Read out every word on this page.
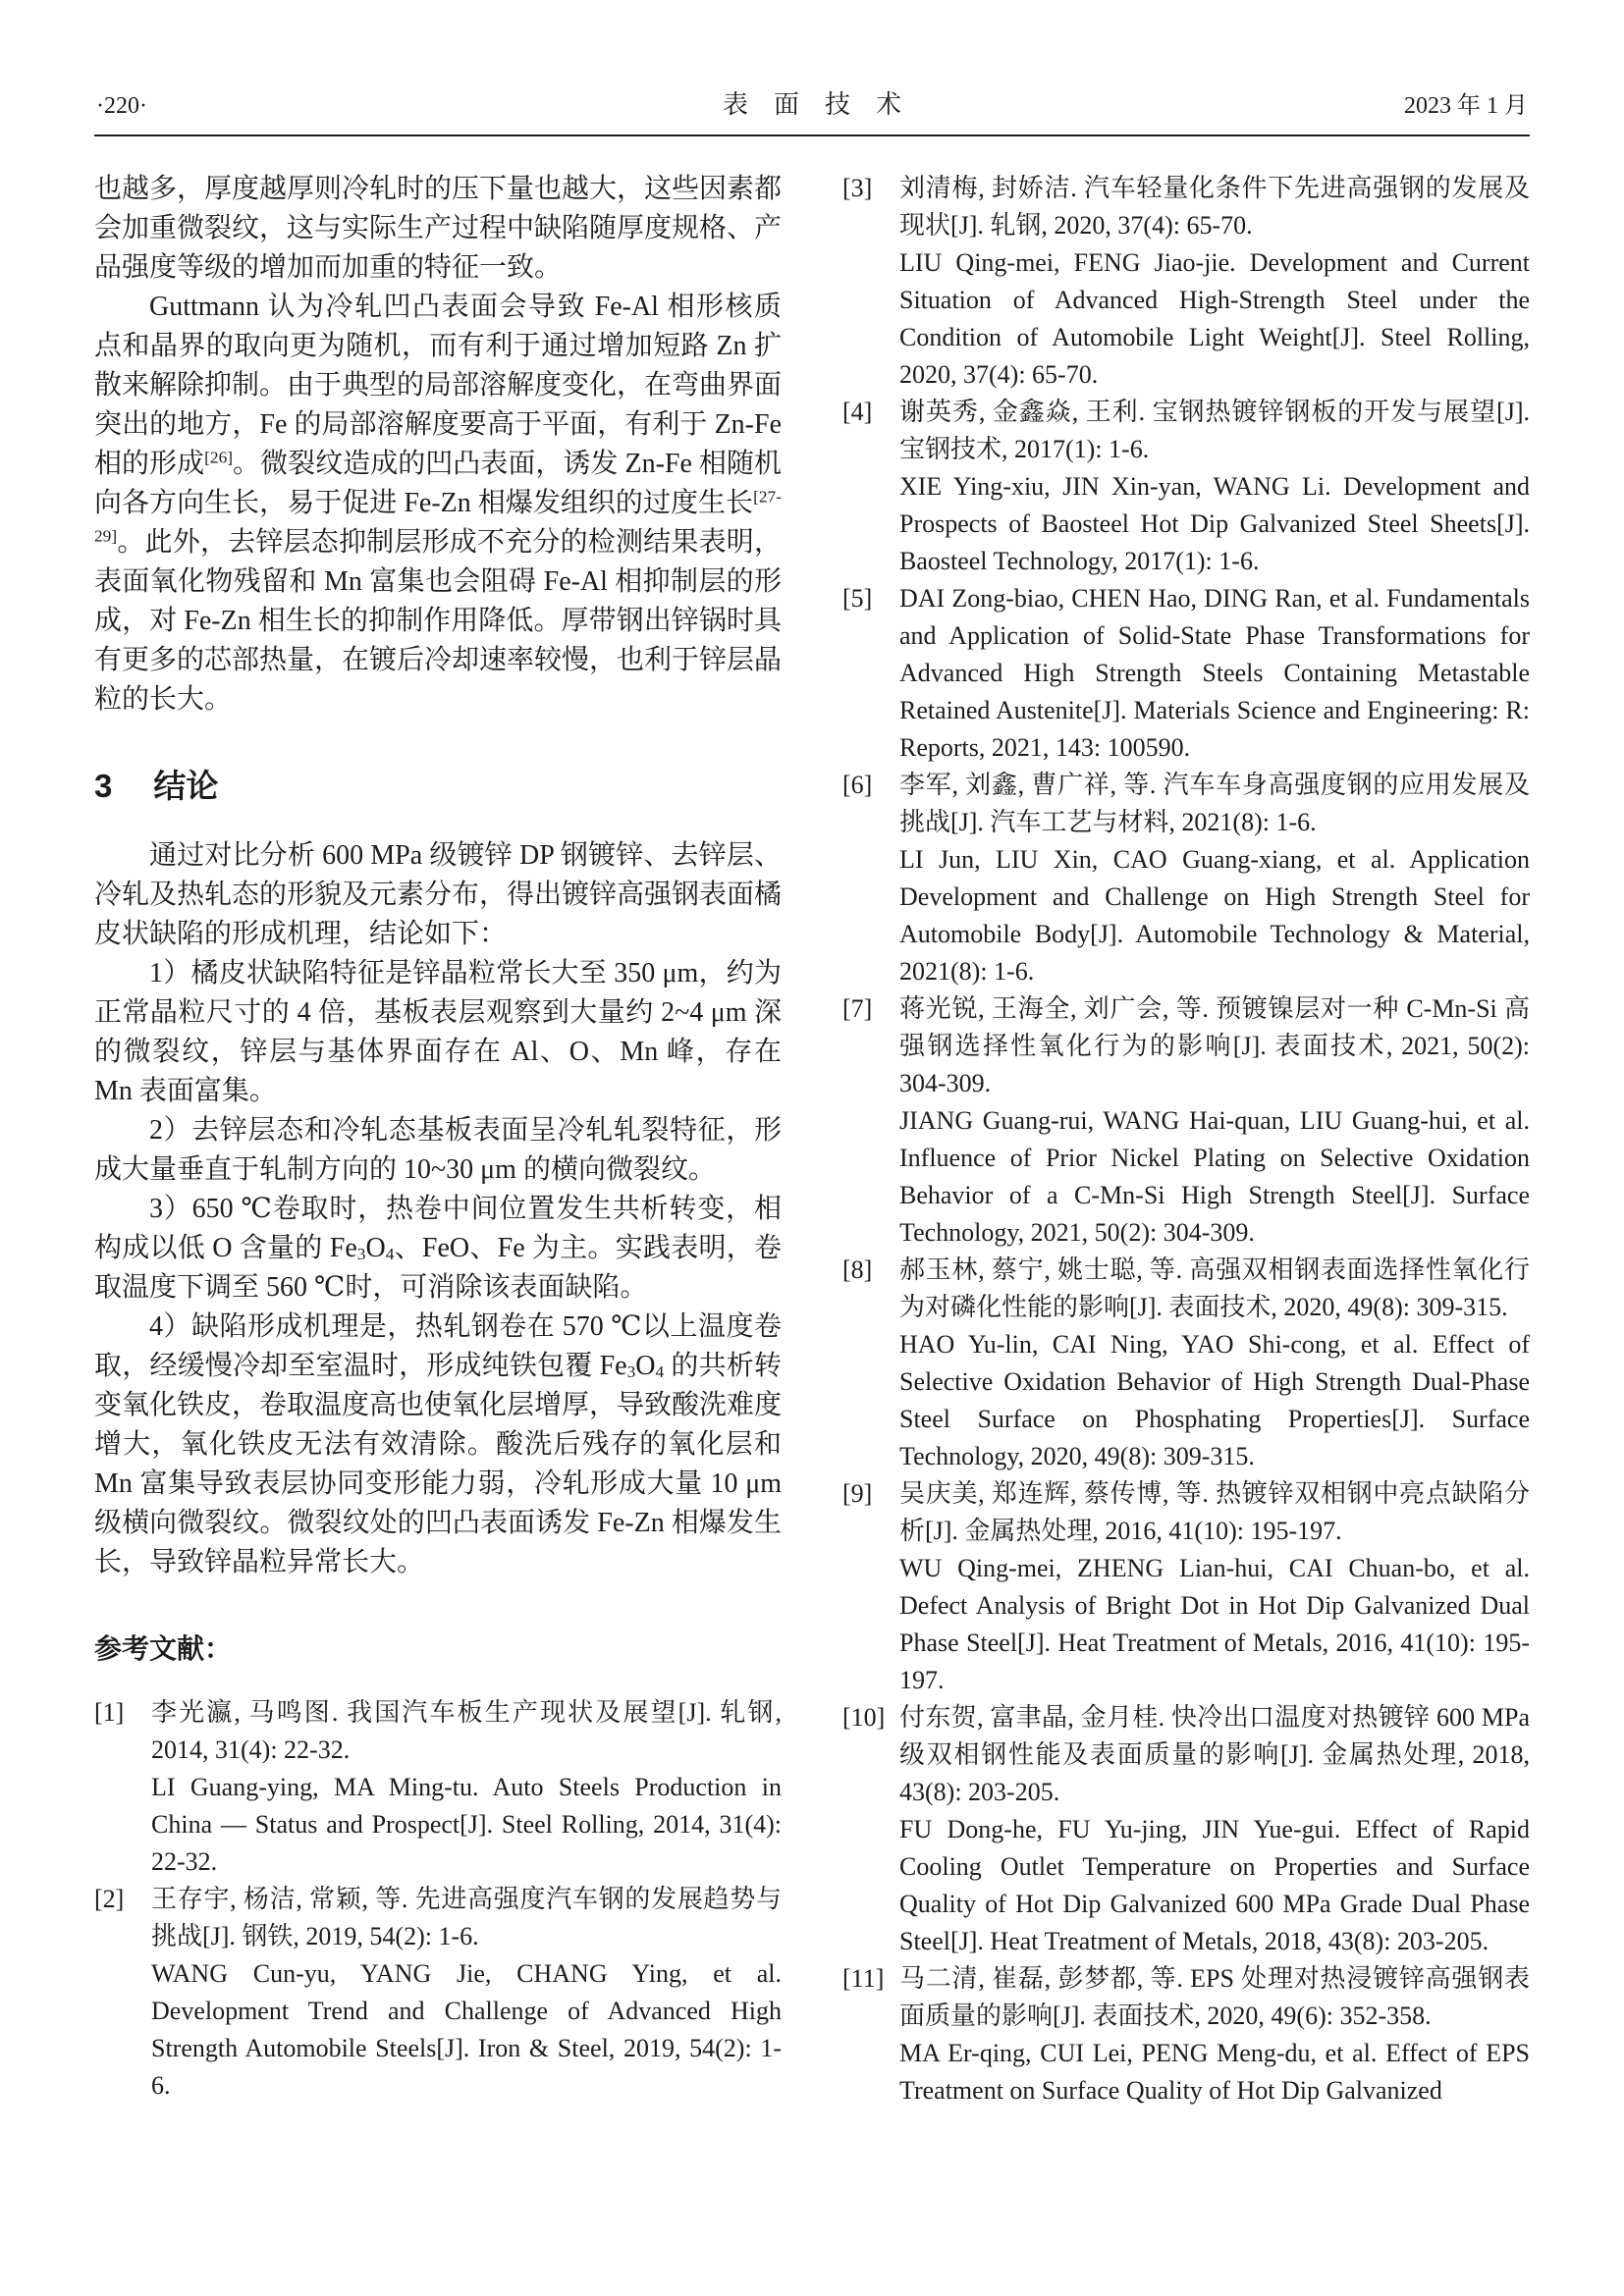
·220·	表　面　技　术	2023 年 1 月

也越多，厚度越厚则冷轧时的压下量也越大，这些因素都会加重微裂纹，这与实际生产过程中缺陷随厚度规格、产品强度等级的增加而加重的特征一致。

Guttmann 认为冷轧凹凸表面会导致 Fe-Al 相形核质点和晶界的取向更为随机，而有利于通过增加短路 Zn 扩散来解除抑制。由于典型的局部溶解度变化，在弯曲界面突出的地方，Fe 的局部溶解度要高于平面，有利于 Zn-Fe 相的形成[26]。微裂纹造成的凹凸表面，诱发 Zn-Fe 相随机向各方向生长，易于促进 Fe-Zn 相爆发组织的过度生长[27-29]。此外，去锌层态抑制层形成不充分的检测结果表明，表面氧化物残留和 Mn 富集也会阻碍 Fe-Al 相抑制层的形成，对 Fe-Zn 相生长的抑制作用降低。厚带钢出锌锅时具有更多的芯部热量，在镀后冷却速率较慢，也利于锌层晶粒的长大。

3 结论

通过对比分析 600 MPa 级镀锌 DP 钢镀锌、去锌层、冷轧及热轧态的形貌及元素分布，得出镀锌高强钢表面橘皮状缺陷的形成机理，结论如下：

1）橘皮状缺陷特征是锌晶粒常长大至 350 μm，约为正常晶粒尺寸的 4 倍，基板表层观察到大量约 2~4 μm 深的微裂纹，锌层与基体界面存在 Al、O、Mn 峰，存在 Mn 表面富集。

2）去锌层态和冷轧态基板表面呈冷轧轧裂特征，形成大量垂直于轧制方向的 10~30 μm 的横向微裂纹。

3）650 ℃卷取时，热卷中间位置发生共析转变，相构成以低 O 含量的 $Fe_3O_4$、FeO、Fe 为主。实践表明，卷取温度下调至 560 ℃时，可消除该表面缺陷。

4）缺陷形成机理是，热轧钢卷在 570 ℃以上温度卷取，经缓慢冷却至室温时，形成纯铁包覆 $Fe_3O_4$ 的共析转变氧化铁皮，卷取温度高也使氧化层增厚，导致酸洗难度增大，氧化铁皮无法有效清除。酸洗后残存的氧化层和 Mn 富集导致表层协同变形能力弱，冷轧形成大量 10 μm 级横向微裂纹。微裂纹处的凹凸表面诱发 Fe-Zn 相爆发生长，导致锌晶粒异常长大。

参考文献：
[1]	李光瀛, 马鸣图. 我国汽车板生产现状及展望[J]. 轧钢, 2014, 31(4): 22-32.
LI Guang-ying, MA Ming-tu. Auto Steels Production in China — Status and Prospect[J]. Steel Rolling, 2014, 31(4): 22-32.
[2]	王存宇, 杨洁, 常颖, 等. 先进高强度汽车钢的发展趋势与挑战[J]. 钢铁, 2019, 54(2): 1-6.
WANG Cun-yu, YANG Jie, CHANG Ying, et al. Development Trend and Challenge of Advanced High Strength Automobile Steels[J]. Iron & Steel, 2019, 54(2): 1-6.
[3]	刘清梅, 封娇洁. 汽车轻量化条件下先进高强钢的发展及现状[J]. 轧钢, 2020, 37(4): 65-70.
LIU Qing-mei, FENG Jiao-jie. Development and Current Situation of Advanced High-Strength Steel under the Condition of Automobile Light Weight[J]. Steel Rolling, 2020, 37(4): 65-70.
[4]	谢英秀, 金鑫焱, 王利. 宝钢热镀锌钢板的开发与展望[J]. 宝钢技术, 2017(1): 1-6.
XIE Ying-xiu, JIN Xin-yan, WANG Li. Development and Prospects of Baosteel Hot Dip Galvanized Steel Sheets[J]. Baosteel Technology, 2017(1): 1-6.
[5]	DAI Zong-biao, CHEN Hao, DING Ran, et al. Fundamentals and Application of Solid-State Phase Transformations for Advanced High Strength Steels Containing Metastable Retained Austenite[J]. Materials Science and Engineering: R: Reports, 2021, 143: 100590.
[6]	李军, 刘鑫, 曹广祥, 等. 汽车车身高强度钢的应用发展及挑战[J]. 汽车工艺与材料, 2021(8): 1-6.
LI Jun, LIU Xin, CAO Guang-xiang, et al. Application Development and Challenge on High Strength Steel for Automobile Body[J]. Automobile Technology & Material, 2021(8): 1-6.
[7]	蒋光锐, 王海全, 刘广会, 等. 预镀镍层对一种 C-Mn-Si 高强钢选择性氧化行为的影响[J]. 表面技术, 2021, 50(2): 304-309.
JIANG Guang-rui, WANG Hai-quan, LIU Guang-hui, et al. Influence of Prior Nickel Plating on Selective Oxidation Behavior of a C-Mn-Si High Strength Steel[J]. Surface Technology, 2021, 50(2): 304-309.
[8]	郝玉林, 蔡宁, 姚士聪, 等. 高强双相钢表面选择性氧化行为对磷化性能的影响[J]. 表面技术, 2020, 49(8): 309-315.
HAO Yu-lin, CAI Ning, YAO Shi-cong, et al. Effect of Selective Oxidation Behavior of High Strength Dual-Phase Steel Surface on Phosphating Properties[J]. Surface Technology, 2020, 49(8): 309-315.
[9]	吴庆美, 郑连辉, 蔡传博, 等. 热镀锌双相钢中亮点缺陷分析[J]. 金属热处理, 2016, 41(10): 195-197.
WU Qing-mei, ZHENG Lian-hui, CAI Chuan-bo, et al. Defect Analysis of Bright Dot in Hot Dip Galvanized Dual Phase Steel[J]. Heat Treatment of Metals, 2016, 41(10): 195-197.
[10] 付东贺, 富聿晶, 金月桂. 快冷出口温度对热镀锌 600 MPa 级双相钢性能及表面质量的影响[J]. 金属热处理, 2018, 43(8): 203-205.
FU Dong-he, FU Yu-jing, JIN Yue-gui. Effect of Rapid Cooling Outlet Temperature on Properties and Surface Quality of Hot Dip Galvanized 600 MPa Grade Dual Phase Steel[J]. Heat Treatment of Metals, 2018, 43(8): 203-205.
[11] 马二清, 崔磊, 彭梦都, 等. EPS 处理对热浸镀锌高强钢表面质量的影响[J]. 表面技术, 2020, 49(6): 352-358.
MA Er-qing, CUI Lei, PENG Meng-du, et al. Effect of EPS Treatment on Surface Quality of Hot Dip Galvanized
